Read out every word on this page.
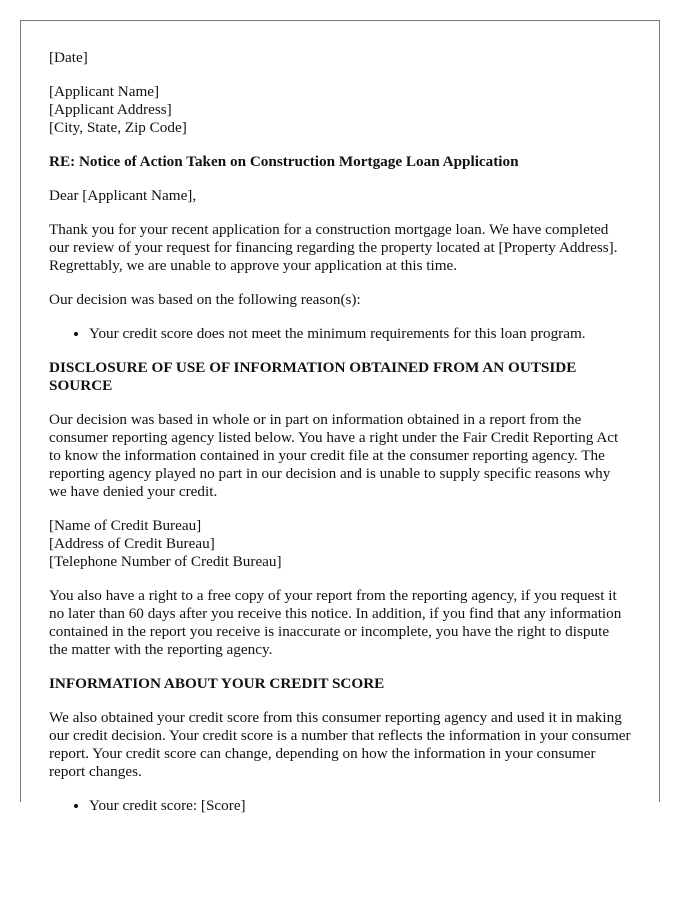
[Date]

[Applicant Name]
[Applicant Address]
[City, State, Zip Code]

RE: Notice of Action Taken on Construction Mortgage Loan Application

Dear [Applicant Name],

Thank you for your recent application for a construction mortgage loan. We have completed our review of your request for financing regarding the property located at [Property Address]. Regrettably, we are unable to approve your application at this time.

Our decision was based on the following reason(s):

• Your credit score does not meet the minimum requirements for this loan program.
DISCLOSURE OF USE OF INFORMATION OBTAINED FROM AN OUTSIDE SOURCE

Our decision was based in whole or in part on information obtained in a report from the consumer reporting agency listed below. You have a right under the Fair Credit Reporting Act to know the information contained in your credit file at the consumer reporting agency. The reporting agency played no part in our decision and is unable to supply specific reasons why we have denied your credit.

[Name of Credit Bureau]
[Address of Credit Bureau]
[Telephone Number of Credit Bureau]

You also have a right to a free copy of your report from the reporting agency, if you request it no later than 60 days after you receive this notice. In addition, if you find that any information contained in the report you receive is inaccurate or incomplete, you have the right to dispute the matter with the reporting agency.

INFORMATION ABOUT YOUR CREDIT SCORE

We also obtained your credit score from this consumer reporting agency and used it in making our credit decision. Your credit score is a number that reflects the information in your consumer report. Your credit score can change, depending on how the information in your consumer report changes.

• Your credit score: [Score]
